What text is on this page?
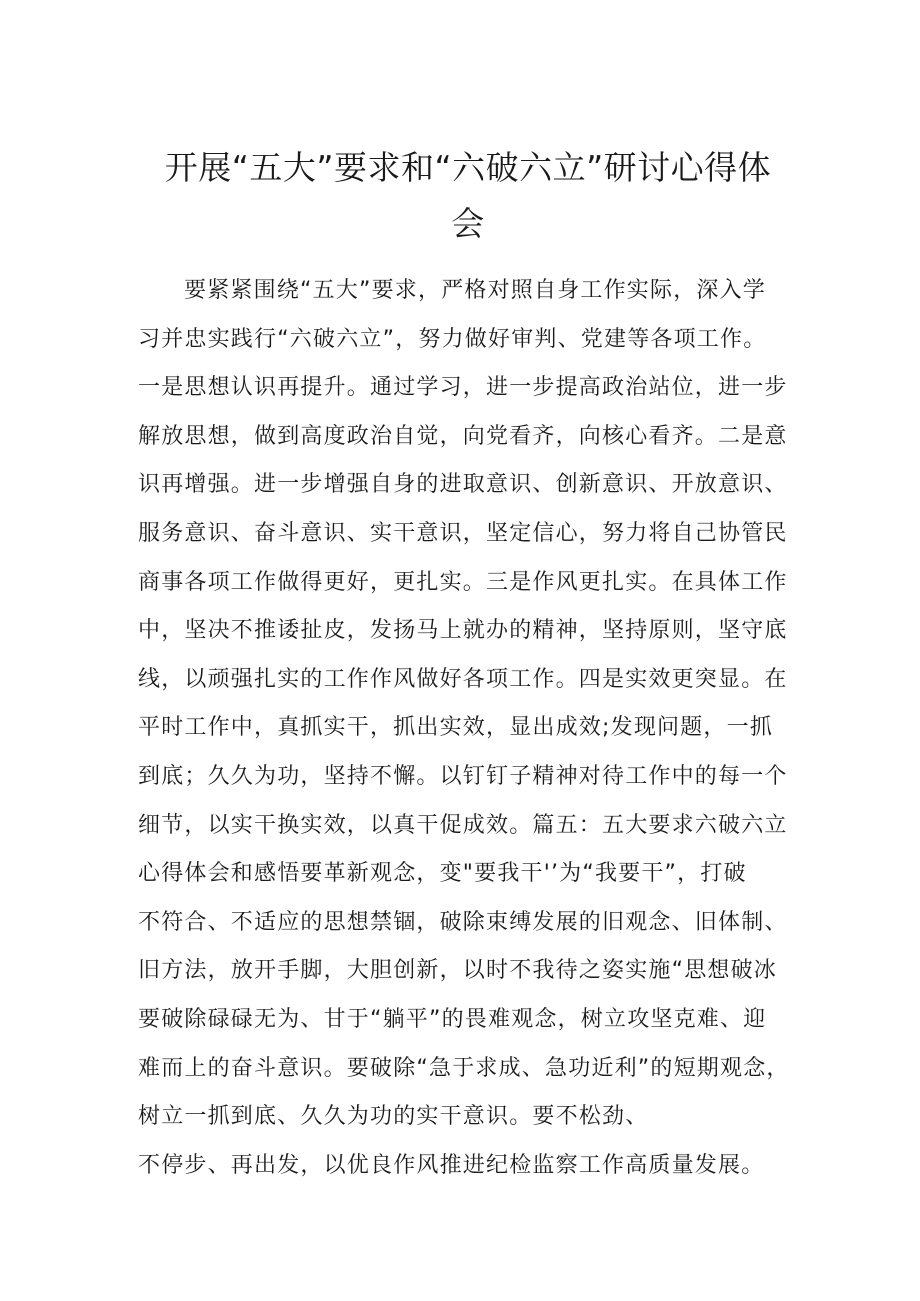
开展“五大”要求和“六破六立”研讨心得体
会
要紧紧围绕“五大”要求，严格对照自身工作实际，深入学
习并忠实践行“六破六立”，努力做好审判、党建等各项工作。
一是思想认识再提升。通过学习，进一步提高政治站位，进一步
解放思想，做到高度政治自觉，向党看齐，向核心看齐。二是意
识再增强。进一步增强自身的进取意识、创新意识、开放意识、
服务意识、奋斗意识、实干意识，坚定信心，努力将自己协管民
商事各项工作做得更好，更扎实。三是作风更扎实。在具体工作
中，坚决不推诿扯皮，发扬马上就办的精神，坚持原则，坚守底
线，以顽强扎实的工作作风做好各项工作。四是实效更突显。在
平时工作中，真抓实干，抓出实效，显出成效;发现问题，一抓
到底；久久为功，坚持不懈。以钉钉子精神对待工作中的每一个
细节，以实干换实效，以真干促成效。篇五：五大要求六破六立
心得体会和感悟要革新观念，变"要我干'’为“我要干”，打破
不符合、不适应的思想禁锢，破除束缚发展的旧观念、旧体制、
旧方法，放开手脚，大胆创新，以时不我待之姿实施“思想破冰
要破除碌碌无为、甘于“躺平”的畏难观念，树立攻坚克难、迎
难而上的奋斗意识。要破除“急于求成、急功近利”的短期观念，
树立一抓到底、久久为功的实干意识。要不松劲、
不停步、再出发，以优良作风推进纪检监察工作高质量发展。
